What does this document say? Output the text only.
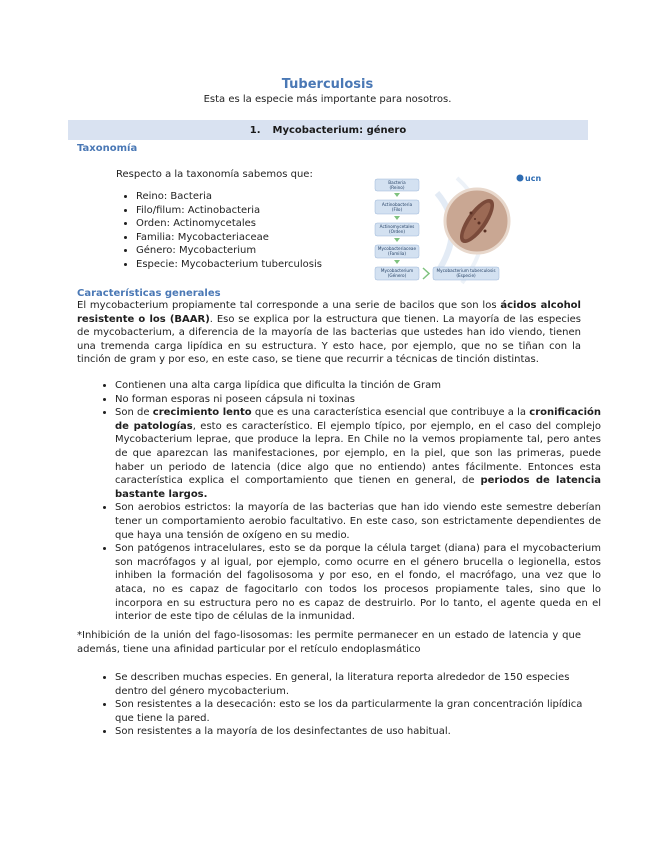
Tuberculosis
Esta es la especie más importante para nosotros.
1. Mycobacterium: género
Taxonomía
Respecto a la taxonomía sabemos que:
• Reino: Bacteria
• Filo/filum: Actinobacteria
• Orden: Actinomycetales
• Familia: Mycobacteriaceae
• Género: Mycobacterium
• Especie: Mycobacterium tuberculosis
Bacteria
(Reino)
Actinobacteria
(Filo)
Actinomycetales
(Orden)
Mycobacteriaceae
(Familia)
Mycobacterium
(Género)
Mycobacterium tuberculosis
(Especie)
ucn
Características generales
El mycobacterium propiamente tal corresponde a una serie de bacilos que son los ácidos alcohol resistente o los (BAAR). Eso se explica por la estructura que tienen. La mayoría de las especies de mycobacterium, a diferencia de la mayoría de las bacterias que ustedes han ido viendo, tienen una tremenda carga lipídica en su estructura. Y esto hace, por ejemplo, que no se tiñan con la tinción de gram y por eso, en este caso, se tiene que recurrir a técnicas de tinción distintas.
• Contienen una alta carga lipídica que dificulta la tinción de Gram
• No forman esporas ni poseen cápsula ni toxinas
• Son de crecimiento lento que es una característica esencial que contribuye a la cronificación de patologías, esto es característico. El ejemplo típico, por ejemplo, en el caso del complejo Mycobacterium leprae, que produce la lepra. En Chile no la vemos propiamente tal, pero antes de que aparezcan las manifestaciones, por ejemplo, en la piel, que son las primeras, puede haber un periodo de latencia (dice algo que no entiendo) antes fácilmente. Entonces esta característica explica el comportamiento que tienen en general, de periodos de latencia bastante largos.
• Son aerobios estrictos: la mayoría de las bacterias que han ido viendo este semestre deberían tener un comportamiento aerobio facultativo. En este caso, son estrictamente dependientes de que haya una tensión de oxígeno en su medio.
• Son patógenos intracelulares, esto se da porque la célula target (diana) para el mycobacterium son macrófagos y al igual, por ejemplo, como ocurre en el género brucella o legionella, estos inhiben la formación del fagolisosoma y por eso, en el fondo, el macrófago, una vez que lo ataca, no es capaz de fagocitarlo con todos los procesos propiamente tales, sino que lo incorpora en su estructura pero no es capaz de destruirlo. Por lo tanto, el agente queda en el interior de este tipo de células de la inmunidad.
*Inhibición de la unión del fago-lisosomas: les permite permanecer en un estado de latencia y que además, tiene una afinidad particular por el retículo endoplasmático
• Se describen muchas especies. En general, la literatura reporta alrededor de 150 especies dentro del género mycobacterium.
• Son resistentes a la desecación: esto se los da particularmente la gran concentración lipídica que tiene la pared.
• Son resistentes a la mayoría de los desinfectantes de uso habitual.
